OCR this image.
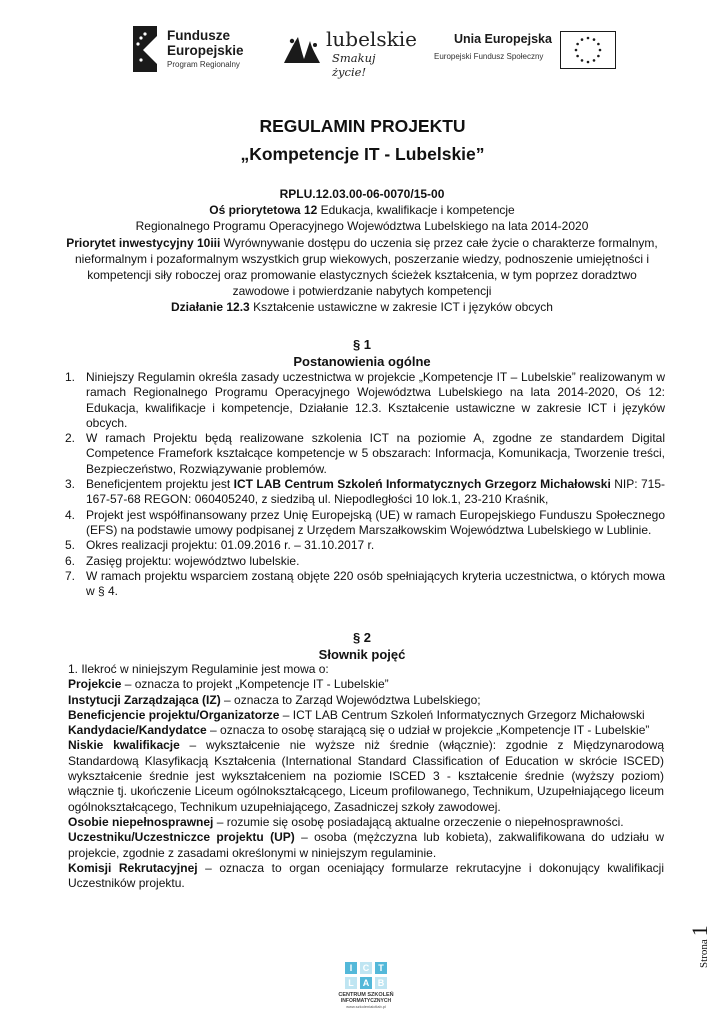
Fundusze
Europejskie
Program Regionalny
lubelskie
Smakuj życie!
Unia Europejska
Europejski Fundusz Społeczny
REGULAMIN PROJEKTU
„Kompetencje IT - Lubelskie”
RPLU.12.03.00-06-0070/15-00
Oś priorytetowa 12 Edukacja, kwalifikacje i kompetencje
Regionalnego Programu Operacyjnego Województwa Lubelskiego na lata 2014-2020
Priorytet inwestycyjny 10iii Wyrównywanie dostępu do uczenia się przez całe życie o charakterze formalnym, nieformalnym i pozaformalnym wszystkich grup wiekowych, poszerzanie wiedzy, podnoszenie umiejętności i kompetencji siły roboczej oraz promowanie elastycznych ścieżek kształcenia, w tym poprzez doradztwo zawodowe i potwierdzanie nabytych kompetencji
Działanie 12.3 Kształcenie ustawiczne w zakresie ICT i języków obcych
§ 1
Postanowienia ogólne
1. Niniejszy Regulamin określa zasady uczestnictwa w projekcie „Kompetencje IT – Lubelskie” realizowanym w ramach Regionalnego Programu Operacyjnego Województwa Lubelskiego na lata 2014-2020, Oś 12: Edukacja, kwalifikacje i kompetencje, Działanie 12.3. Kształcenie ustawiczne w zakresie ICT i języków obcych.
2. W ramach Projektu będą realizowane szkolenia ICT na poziomie A, zgodne ze standardem Digital Competence Framefork kształcące kompetencje w 5 obszarach: Informacja, Komunikacja, Tworzenie treści, Bezpieczeństwo, Rozwiązywanie problemów.
3. Beneficjentem projektu jest ICT LAB Centrum Szkoleń Informatycznych Grzegorz Michałowski NIP: 715-167-57-68 REGON: 060405240, z siedzibą ul. Niepodległości 10 lok.1, 23-210 Kraśnik,
4. Projekt jest współfinansowany przez Unię Europejską (UE) w ramach Europejskiego Funduszu Społecznego (EFS) na podstawie umowy podpisanej z Urzędem Marszałkowskim Województwa Lubelskiego w Lublinie.
5. Okres realizacji projektu: 01.09.2016 r. – 31.10.2017 r.
6. Zasięg projektu: województwo lubelskie.
7. W ramach projektu wsparciem zostaną objęte 220 osób spełniających kryteria uczestnictwa, o których mowa w § 4.
§ 2
Słownik pojęć

1. Ilekroć w niniejszym Regulaminie jest mowa o:

Projekcie – oznacza to projekt „Kompetencje IT - Lubelskie”

Instytucji Zarządzająca (IZ) – oznacza to Zarząd Województwa Lubelskiego;

Beneficjencie projektu/Organizatorze – ICT LAB Centrum Szkoleń Informatycznych Grzegorz Michałowski

Kandydacie/Kandydatce – oznacza to osobę starającą się o udział w projekcie „Kompetencje IT - Lubelskie”

Niskie kwalifikacje – wykształcenie nie wyższe niż średnie (włącznie): zgodnie z Międzynarodową Standardową Klasyfikacją Kształcenia (International Standard Classification of Education w skrócie ISCED) wykształcenie średnie jest wykształceniem na poziomie ISCED 3 - kształcenie średnie (wyższy poziom) włącznie tj. ukończenie Liceum ogólnokształcącego, Liceum profilowanego, Technikum, Uzupełniającego liceum ogólnokształcącego, Technikum uzupełniającego, Zasadniczej szkoły zawodowej.

Osobie niepełnosprawnej – rozumie się osobę posiadającą aktualne orzeczenie o niepełnosprawności.

Uczestniku/Uczestniczce projektu (UP) – osoba (mężczyzna lub kobieta), zakwalifikowana do udziału w projekcie, zgodnie z zasadami określonymi w niniejszym regulaminie.

Komisji Rekrutacyjnej – oznacza to organ oceniający formularze rekrutacyjne i dokonujący kwalifikacji Uczestników projektu.

Strona1
I	C	T
L	A B
CENTRUM SZKOLEŃ
INFORMATYCZNYCH
www.szkoleniaictlab.pl
